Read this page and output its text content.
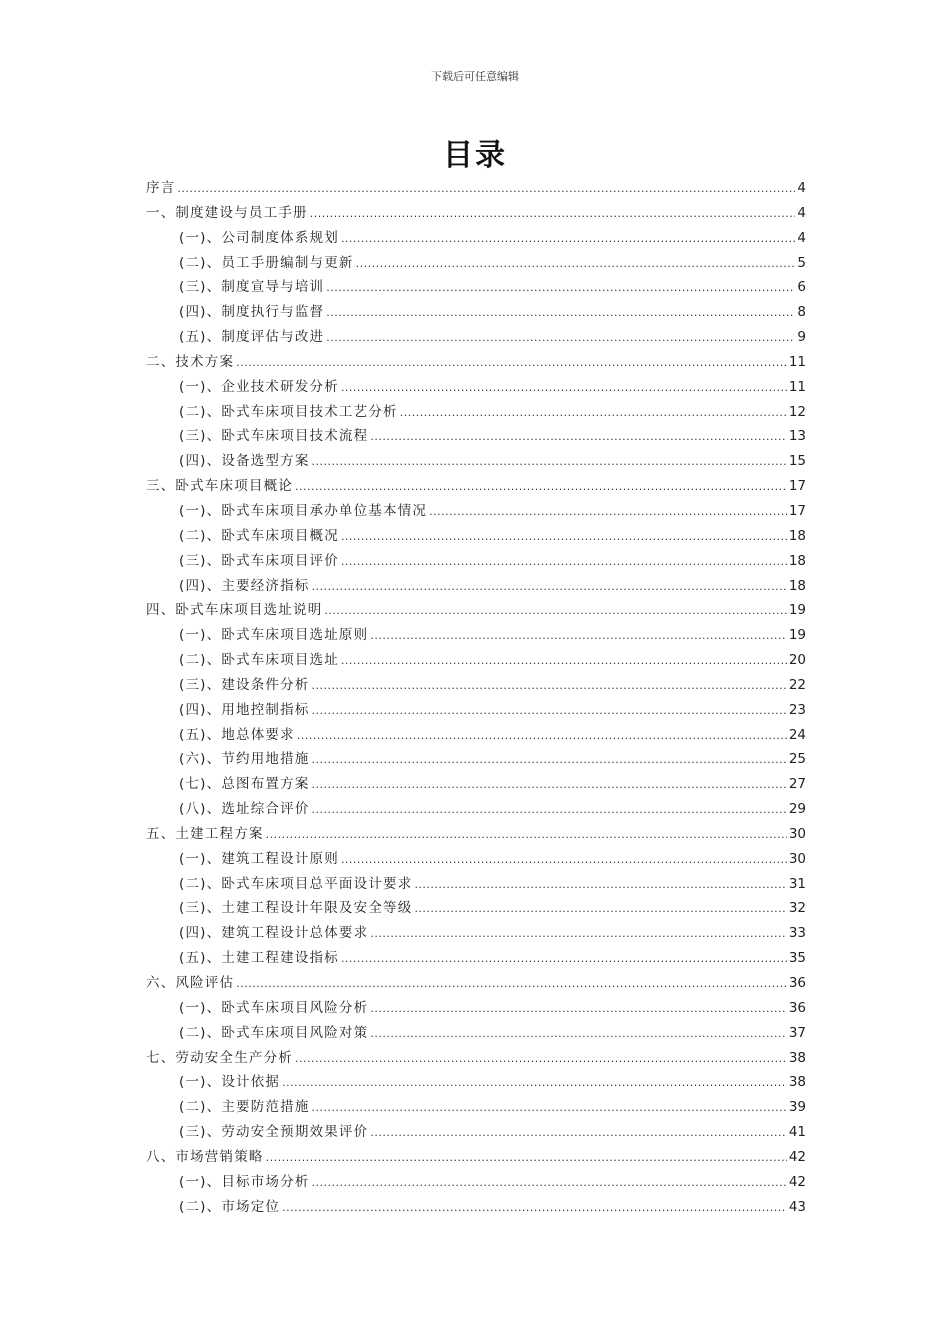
下载后可任意编辑
目录
序言 .....	4
一、制度建设与员工手册 .....	4
(一)、公司制度体系规划 .....	4
(二)、员工手册编制与更新 .....	5
(三)、制度宣导与培训 .....	6
(四)、制度执行与监督 .....	8
(五)、制度评估与改进 .....	9
二、技术方案 .....	11
(一)、企业技术研发分析 .....	11
(二)、卧式车床项目技术工艺分析 .....	12
(三)、卧式车床项目技术流程 .....	13
(四)、设备选型方案 .....	15
三、卧式车床项目概论 .....	17
(一)、卧式车床项目承办单位基本情况 .....	17
(二)、卧式车床项目概况 .....	18
(三)、卧式车床项目评价 .....	18
(四)、主要经济指标 .....	18
四、卧式车床项目选址说明 .....	19
(一)、卧式车床项目选址原则 .....	19
(二)、卧式车床项目选址 .....	20
(三)、建设条件分析 .....	22
(四)、用地控制指标 .....	23
(五)、地总体要求 .....	24
(六)、节约用地措施 .....	25
(七)、总图布置方案 .....	27
(八)、选址综合评价 .....	29
五、土建工程方案 .....	30
(一)、建筑工程设计原则 .....	30
(二)、卧式车床项目总平面设计要求 .....	31
(三)、土建工程设计年限及安全等级 .....	32
(四)、建筑工程设计总体要求 .....	33
(五)、土建工程建设指标 .....	35
六、风险评估 .....	36
(一)、卧式车床项目风险分析 .....	36
(二)、卧式车床项目风险对策 .....	37
七、劳动安全生产分析 .....	38
(一)、设计依据 .....	38
(二)、主要防范措施 .....	39
(三)、劳动安全预期效果评价 .....	41
八、市场营销策略 .....	42
(一)、目标市场分析 .....	42
(二)、市场定位 .....	43
